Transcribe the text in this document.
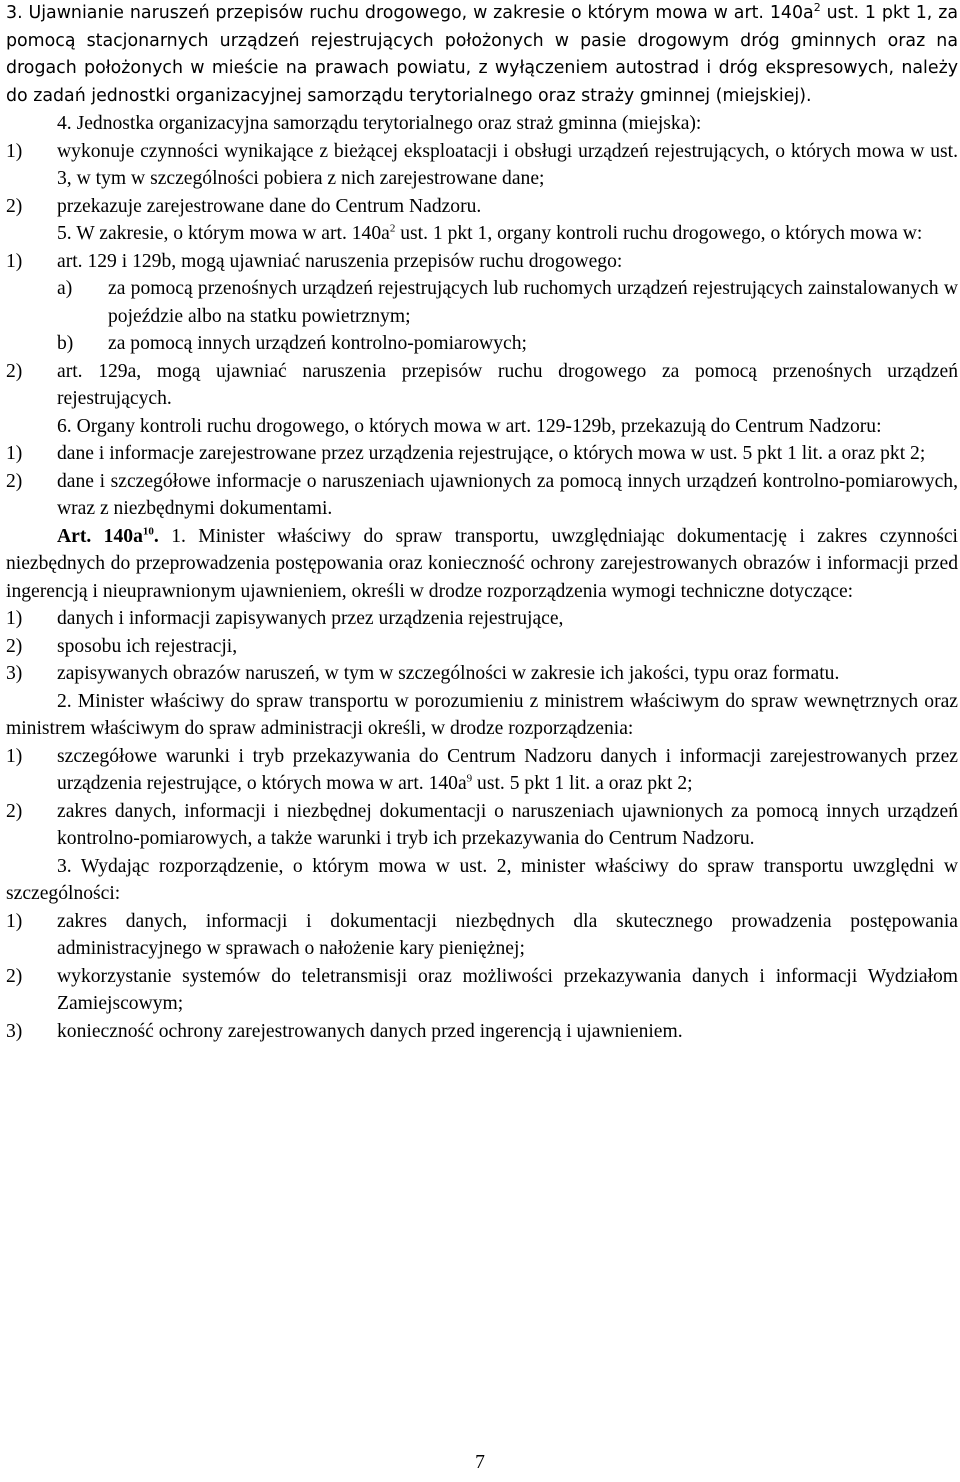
3. Ujawnianie naruszeń przepisów ruchu drogowego, w zakresie o którym mowa w art. $140a^2$ ust. 1 pkt 1, za pomocą stacjonarnych urządzeń rejestrujących położonych w pasie drogowym dróg gminnych oraz na drogach położonych w mieście na prawach powiatu, z wyłączeniem autostrad i dróg ekspresowych, należy do zadań jednostki organizacyjnej samorządu terytorialnego oraz straży gminnej (miejskiej).

4. Jednostka organizacyjna samorządu terytorialnego oraz straż gminna (miejska):

1) wykonuje czynności wynikające z bieżącej eksploatacji i obsługi urządzeń rejestrujących, o których mowa w ust. 3, w tym w szczególności pobiera z nich zarejestrowane dane;
2) przekazuje zarejestrowane dane do Centrum Nadzoru.

5. W zakresie, o którym mowa w art. $140a^2$ ust. 1 pkt 1, organy kontroli ruchu drogowego, o których mowa w:

1) art. 129 i 129b, mogą ujawniać naruszenia przepisów ruchu drogowego:
a) za pomocą przenośnych urządzeń rejestrujących lub ruchomych urządzeń rejestrujących zainstalowanych w pojeździe albo na statku powietrznym;
b) za pomocą innych urządzeń kontrolno-pomiarowych;
2) art. 129a, mogą ujawniać naruszenia przepisów ruchu drogowego za pomocą przenośnych urządzeń rejestrujących.

6. Organy kontroli ruchu drogowego, o których mowa w art. 129-129b, przekazują do Centrum Nadzoru:

1) dane i informacje zarejestrowane przez urządzenia rejestrujące, o których mowa w ust. 5 pkt 1 lit. a oraz pkt 2;
2) dane i szczegółowe informacje o naruszeniach ujawnionych za pomocą innych urządzeń kontrolno-pomiarowych, wraz z niezbędnymi dokumentami.

Art. $140a^{10}$. 1. Minister właściwy do spraw transportu, uwzględniając dokumentację i zakres czynności niezbędnych do przeprowadzenia postępowania oraz konieczność ochrony zarejestrowanych obrazów i informacji przed ingerencją i nieuprawnionym ujawnieniem, określi w drodze rozporządzenia wymogi techniczne dotyczące:

1) danych i informacji zapisywanych przez urządzenia rejestrujące,
2) sposobu ich rejestracji,
3) zapisywanych obrazów naruszeń, w tym w szczególności w zakresie ich jakości, typu oraz formatu.

2. Minister właściwy do spraw transportu w porozumieniu z ministrem właściwym do spraw wewnętrznych oraz ministrem właściwym do spraw administracji określi, w drodze rozporządzenia:

1) szczegółowe warunki i tryb przekazywania do Centrum Nadzoru danych i informacji zarejestrowanych przez urządzenia rejestrujące, o których mowa w art. $140a^9$ ust. 5 pkt 1 lit. a oraz pkt 2;
2) zakres danych, informacji i niezbędnej dokumentacji o naruszeniach ujawnionych za pomocą innych urządzeń kontrolno-pomiarowych, a także warunki i tryb ich przekazywania do Centrum Nadzoru.

3. Wydając rozporządzenie, o którym mowa w ust. 2, minister właściwy do spraw transportu uwzględni w szczególności:

1) zakres danych, informacji i dokumentacji niezbędnych dla skutecznego prowadzenia postępowania administracyjnego w sprawach o nałożenie kary pieniężnej;
2) wykorzystanie systemów do teletransmisji oraz możliwości przekazywania danych i informacji Wydziałom Zamiejscowym;
3) konieczność ochrony zarejestrowanych danych przed ingerencją i ujawnieniem.
7
